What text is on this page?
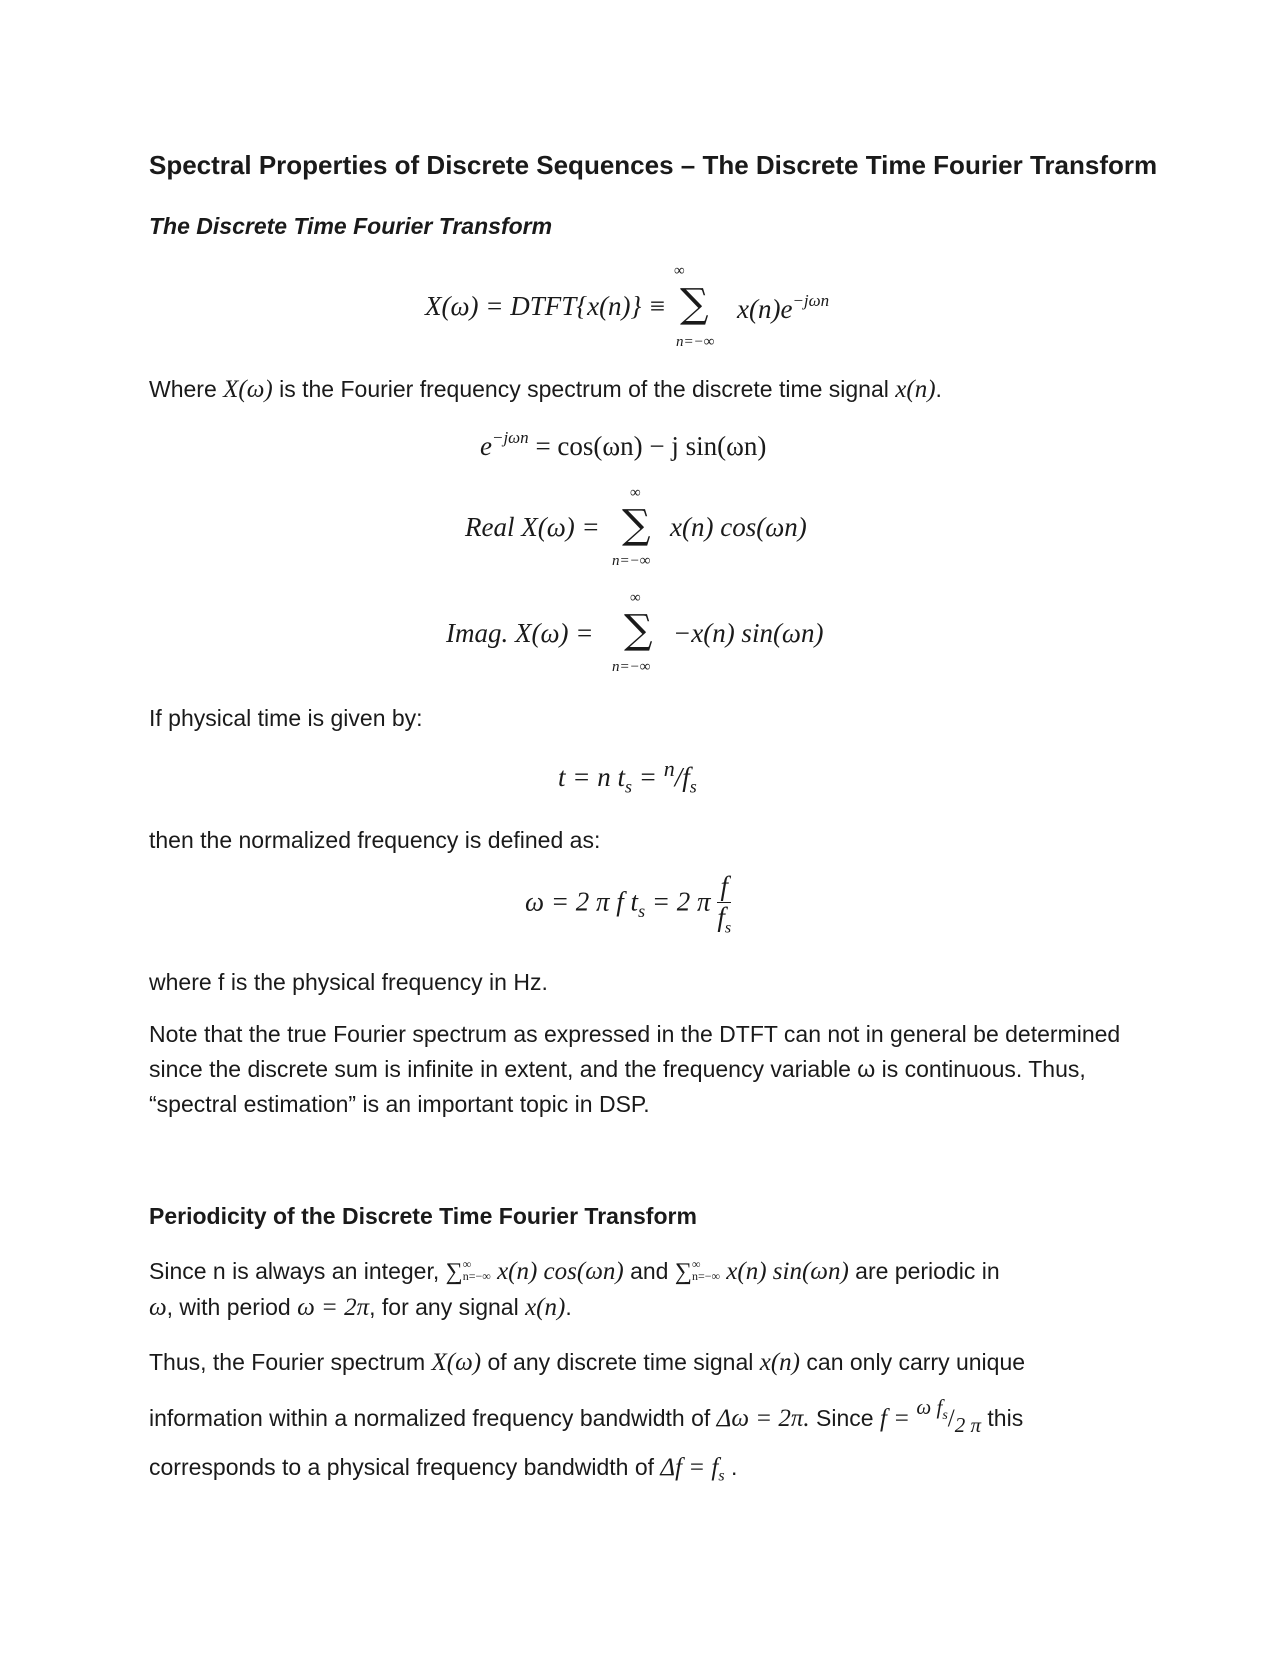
Spectral Properties of Discrete Sequences – The Discrete Time Fourier Transform
The Discrete Time Fourier Transform
X(ω) = DTFT{x(n)} ≡
∞
∑
n=−∞
$x(n)e^{-j\omega n}$
Where X(ω) is the Fourier frequency spectrum of the discrete time signal x(n).
$e^{-j\omega n} = \cos(\omega n) - j$ sin(ωn)
Real X(ω) =
∞
∑
n=−∞
x(n) cos(ωn)
Imag. X(ω) =
∞
∑
n=−∞
−x(n) sin(ωn)
If physical time is given by:
t = n $t_s = ^n/f_s$
then the normalized frequency is defined as:
ω = 2 π f $t_s = 2$ π $\frac{f}{f_s}$
where f is the physical frequency in Hz.
Note that the true Fourier spectrum as expressed in the DTFT can not in general be determined since the discrete sum is infinite in extent, and the frequency variable ω is continuous. Thus, “spectral estimation” is an important topic in DSP.
Periodicity of the Discrete Time Fourier Transform
Since n is always an integer, ∑ ∞
n=−∞ x(n) cos(ωn) and ∑ ∞
n=−∞ x(n) sin(ωn) are periodic in
ω, with period ω = 2π, for any signal x(n).
Thus, the Fourier spectrum X(ω) of any discrete time signal x(n) can only carry unique
information within a normalized frequency bandwidth of Δω = 2π. Since f = ω $f_s/2$ π this
corresponds to a physical frequency bandwidth of $\Delta f = f_s$ .
